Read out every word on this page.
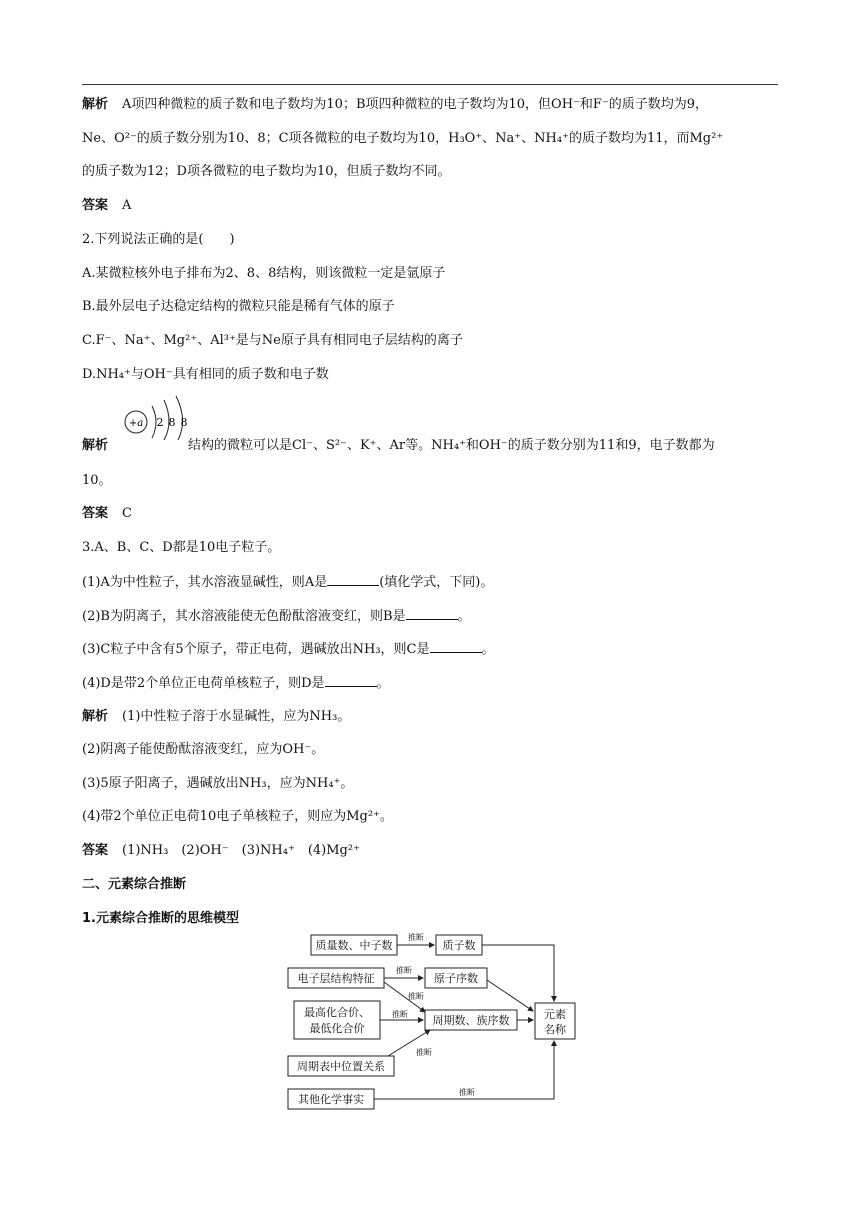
解析 A项四种微粒的质子数和电子数均为10；B项四种微粒的电子数均为10，但OH⁻和F⁻的质子数均为9，
Ne、O²⁻的质子数分别为10、8；C项各微粒的电子数均为10，H₃O⁺、Na⁺、NH₄⁺的质子数均为11，而Mg²⁺
的质子数为12；D项各微粒的电子数均为10，但质子数均不同。
答案 A
2.下列说法正确的是(　　)
A.某微粒核外电子排布为2、8、8结构，则该微粒一定是氩原子
B.最外层电子达稳定结构的微粒只能是稀有气体的原子
C.F⁻、Na⁺、Mg²⁺、Al³⁺是与Ne原子具有相同电子层结构的离子
D.NH₄⁺与OH⁻具有相同的质子数和电子数
+a 2 8 8
解析	结构的微粒可以是Cl⁻、S²⁻、K⁺、Ar等。NH₄⁺和OH⁻的质子数分别为11和9，电子数都为
10。
答案 C
3.A、B、C、D都是10电子粒子。
(1)A为中性粒子，其水溶液显碱性，则A是	(填化学式，下同)。
(2)B为阴离子，其水溶液能使无色酚酞溶液变红，则B是	。
(3)C粒子中含有5个原子，带正电荷，遇碱放出NH₃，则C是	。
(4)D是带2个单位正电荷单核粒子，则D是	。
解析 (1)中性粒子溶于水显碱性，应为NH₃。
(2)阴离子能使酚酞溶液变红，应为OH⁻。
(3)5原子阳离子，遇碱放出NH₃，应为NH₄⁺。
(4)带2个单位正电荷10电子单核粒子，则应为Mg²⁺。
答案 (1)NH₃　(2)OH⁻　(3)NH₄⁺　(4)Mg²⁺
二、元素综合推断
1.元素综合推断的思维模型
质量数、中子数	质子数
电子层结构特征	原子序数
最高化合价、
最低化合价
周期数、族序数
周期表中位置关系
元素
名称
其他化学事实
推断
推断
推断
推断
推断
推断
